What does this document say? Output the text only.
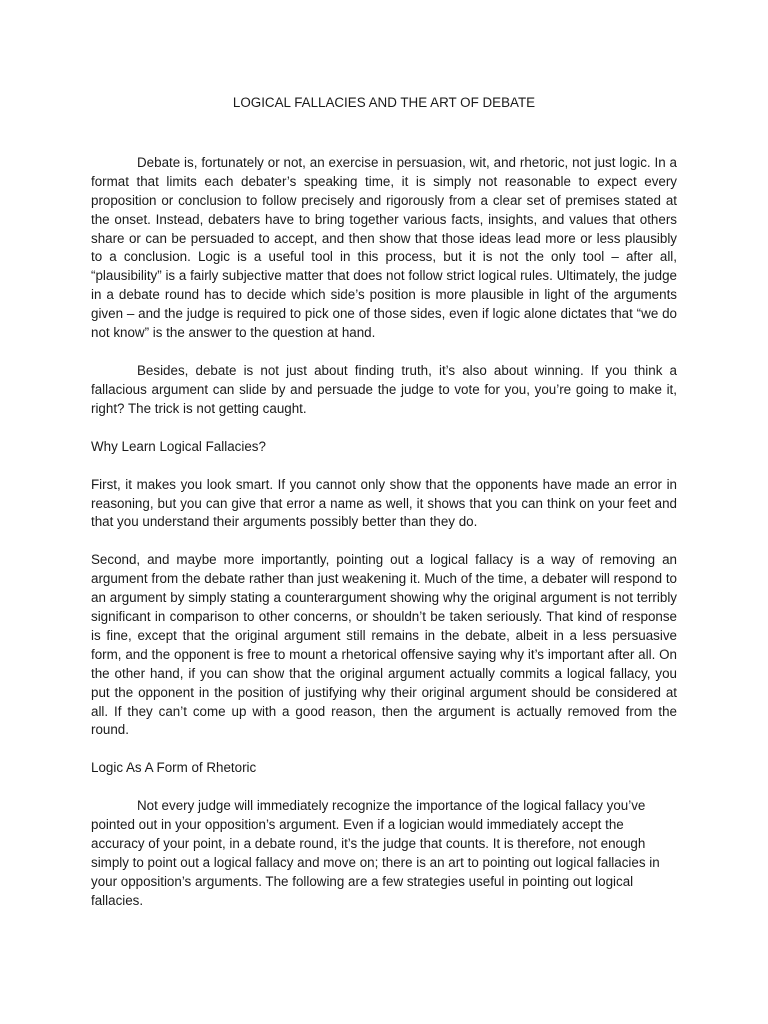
LOGICAL FALLACIES AND THE ART OF DEBATE

Debate is, fortunately or not, an exercise in persuasion, wit, and rhetoric, not just logic. In a format that limits each debater’s speaking time, it is simply not reasonable to expect every proposition or conclusion to follow precisely and rigorously from a clear set of premises stated at the onset. Instead, debaters have to bring together various facts, insights, and values that others share or can be persuaded to accept, and then show that those ideas lead more or less plausibly to a conclusion. Logic is a useful tool in this process, but it is not the only tool – after all, “plausibility” is a fairly subjective matter that does not follow strict logical rules. Ultimately, the judge in a debate round has to decide which side’s position is more plausible in light of the arguments given – and the judge is required to pick one of those sides, even if logic alone dictates that “we do not know” is the answer to the question at hand.

Besides, debate is not just about finding truth, it’s also about winning. If you think a fallacious argument can slide by and persuade the judge to vote for you, you’re going to make it, right? The trick is not getting caught.

Why Learn Logical Fallacies?

First, it makes you look smart. If you cannot only show that the opponents have made an error in reasoning, but you can give that error a name as well, it shows that you can think on your feet and that you understand their arguments possibly better than they do.

Second, and maybe more importantly, pointing out a logical fallacy is a way of removing an argument from the debate rather than just weakening it. Much of the time, a debater will respond to an argument by simply stating a counterargument showing why the original argument is not terribly significant in comparison to other concerns, or shouldn’t be taken seriously. That kind of response is fine, except that the original argument still remains in the debate, albeit in a less persuasive form, and the opponent is free to mount a rhetorical offensive saying why it’s important after all. On the other hand, if you can show that the original argument actually commits a logical fallacy, you put the opponent in the position of justifying why their original argument should be considered at all. If they can’t come up with a good reason, then the argument is actually removed from the round.

Logic As A Form of Rhetoric

Not every judge will immediately recognize the importance of the logical fallacy you’ve pointed out in your opposition’s argument. Even if a logician would immediately accept the accuracy of your point, in a debate round, it’s the judge that counts. It is therefore, not enough simply to point out a logical fallacy and move on; there is an art to pointing out logical fallacies in your opposition’s arguments. The following are a few strategies useful in pointing out logical fallacies.
